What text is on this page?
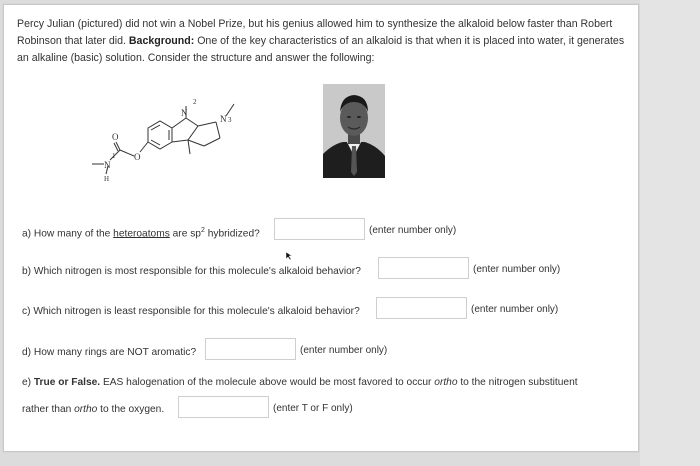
Percy Julian (pictured) did not win a Nobel Prize, but his genius allowed him to synthesize the alkaloid below faster than Robert Robinson that later did. Background: One of the key characteristics of an alkaloid is that when it is placed into water, it generates an alkaline (basic) solution. Consider the structure and answer the following:
O
1
N
H
O
N
2
N 3
a) How many of the heteroatoms are $sp^2$ hybridized?	(enter number only)
b) Which nitrogen is most responsible for this molecule's alkaloid behavior?	(enter number only)
c) Which nitrogen is least responsible for this molecule's alkaloid behavior?	(enter number only)
d) How many rings are NOT aromatic?	(enter number only)
e) True or False. EAS halogenation of the molecule above would be most favored to occur ortho to the nitrogen substituent
rather than ortho to the oxygen.	(enter T or F only)
